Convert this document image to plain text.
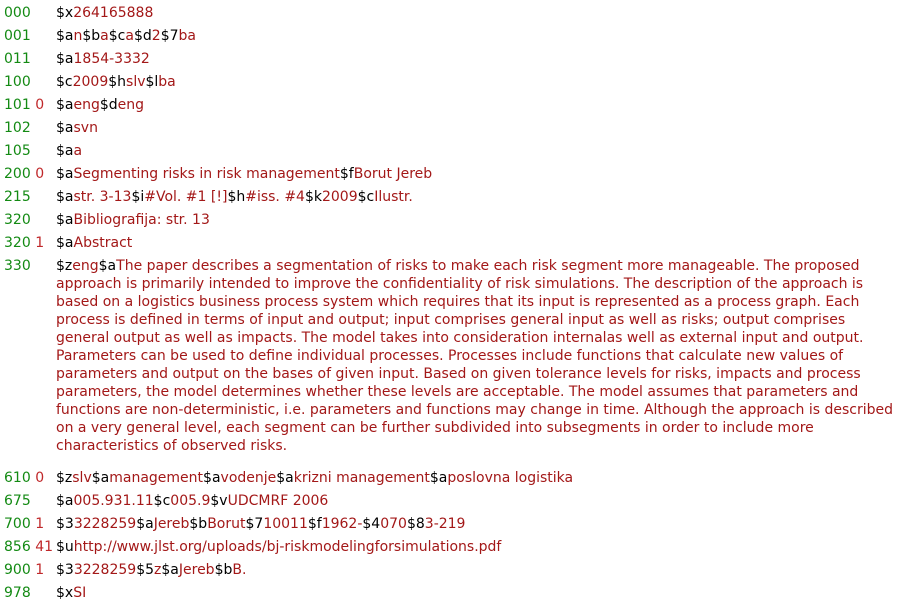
000 $x264165888
001 $an$ba$ca$d2$7ba
011 $a1854-3332
100 $c2009$hslv$lba
101 0 $aeng$deng
102 $asvn
105 $aa
200 0 $aSegmenting risks in risk management$fBorut Jereb
215 $astr. 3-13$i#Vol. #1 [!]$h#iss. #4$k2009$cIlustr.
320 $aBibliografija: str. 13
320 1 $aAbstract
330 $zeng$aThe paper describes a segmentation of risks to make each risk segment more manageable. The proposed approach is primarily intended to improve the confidentiality of risk simulations. The description of the approach is based on a logistics business process system which requires that its input is represented as a process graph. Each process is defined in terms of input and output; input comprises general input as well as risks; output comprises general output as well as impacts. The model takes into consideration internalas well as external input and output. Parameters can be used to define individual processes. Processes include functions that calculate new values of parameters and output on the bases of given input. Based on given tolerance levels for risks, impacts and process parameters, the model determines whether these levels are acceptable. The model assumes that parameters and functions are non-deterministic, i.e. parameters and functions may change in time. Although the approach is described on a very general level, each segment can be further subdivided into subsegments in order to include more characteristics of observed risks.
610 0 $zslv$amanagement$avodenje$akrizni management$aposlovna logistika
675 $a005.931.11$c005.9$vUDCMRF 2006
700 1 $33228259$aJereb$bBorut$710011$f1962-$4070$83-219
856 41 $uhttp://www.jlst.org/uploads/bj-riskmodelingforsimulations.pdf
900 1 $33228259$5z$aJereb$bB.
978 $xSI
